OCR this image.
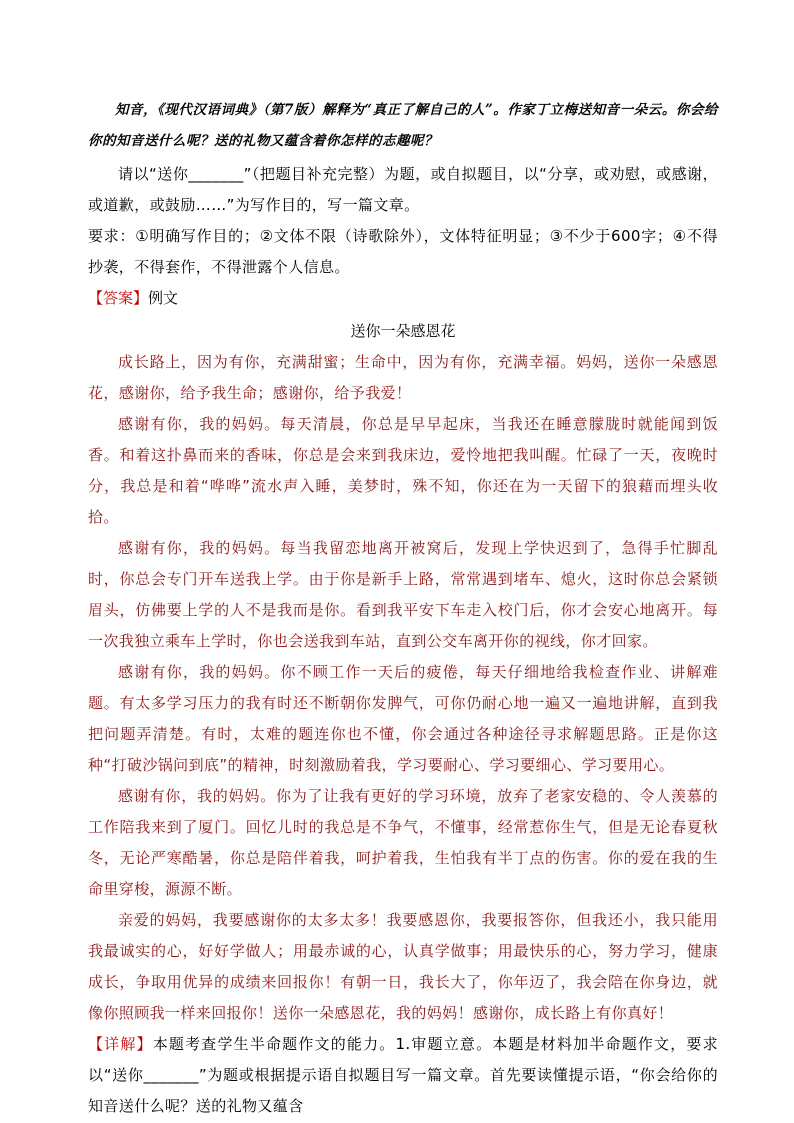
知音，《现代汉语词典》（第7版）解释为“真正了解自己的人”。作家丁立梅送知音一朵云。你会给你的知音送什么呢？送的礼物又蕴含着你怎样的志趣呢？

请以“送你_______”（把题目补充完整）为题，或自拟题目，以“分享，或劝慰，或感谢，或道歉，或鼓励……”为写作目的，写一篇文章。

要求：①明确写作目的；②文体不限（诗歌除外），文体特征明显；③不少于600字；④不得抄袭，不得套作，不得泄露个人信息。

【答案】例文

送你一朵感恩花

成长路上，因为有你，充满甜蜜；生命中，因为有你，充满幸福。妈妈，送你一朵感恩花，感谢你，给予我生命；感谢你，给予我爱！

感谢有你，我的妈妈。每天清晨，你总是早早起床，当我还在睡意朦胧时就能闻到饭香。和着这扑鼻而来的香味，你总是会来到我床边，爱怜地把我叫醒。忙碌了一天，夜晚时分，我总是和着“哗哗”流水声入睡，美梦时，殊不知，你还在为一天留下的狼藉而埋头收拾。

感谢有你，我的妈妈。每当我留恋地离开被窝后，发现上学快迟到了，急得手忙脚乱时，你总会专门开车送我上学。由于你是新手上路，常常遇到堵车、熄火，这时你总会紧锁眉头，仿佛要上学的人不是我而是你。看到我平安下车走入校门后，你才会安心地离开。每一次我独立乘车上学时，你也会送我到车站，直到公交车离开你的视线，你才回家。

感谢有你，我的妈妈。你不顾工作一天后的疲倦，每天仔细地给我检查作业、讲解难题。有太多学习压力的我有时还不断朝你发脾气，可你仍耐心地一遍又一遍地讲解，直到我把问题弄清楚。有时，太难的题连你也不懂，你会通过各种途径寻求解题思路。正是你这种“打破沙锅问到底”的精神，时刻激励着我，学习要耐心、学习要细心、学习要用心。

感谢有你，我的妈妈。你为了让我有更好的学习环境，放弃了老家安稳的、令人羡慕的工作陪我来到了厦门。回忆儿时的我总是不争气，不懂事，经常惹你生气，但是无论春夏秋冬，无论严寒酷暑，你总是陪伴着我，呵护着我，生怕我有半丁点的伤害。你的爱在我的生命里穿梭，源源不断。

亲爱的妈妈，我要感谢你的太多太多！我要感恩你，我要报答你，但我还小，我只能用我最诚实的心，好好学做人；用最赤诚的心，认真学做事；用最快乐的心，努力学习，健康成长，争取用优异的成绩来回报你！有朝一日，我长大了，你年迈了，我会陪在你身边，就像你照顾我一样来回报你！送你一朵感恩花，我的妈妈！感谢你，成长路上有你真好！

【详解】本题考查学生半命题作文的能力。1.审题立意。本题是材料加半命题作文，要求以“送你_______”为题或根据提示语自拟题目写一篇文章。首先要读懂提示语，“你会给你的知音送什么呢？送的礼物又蕴含
